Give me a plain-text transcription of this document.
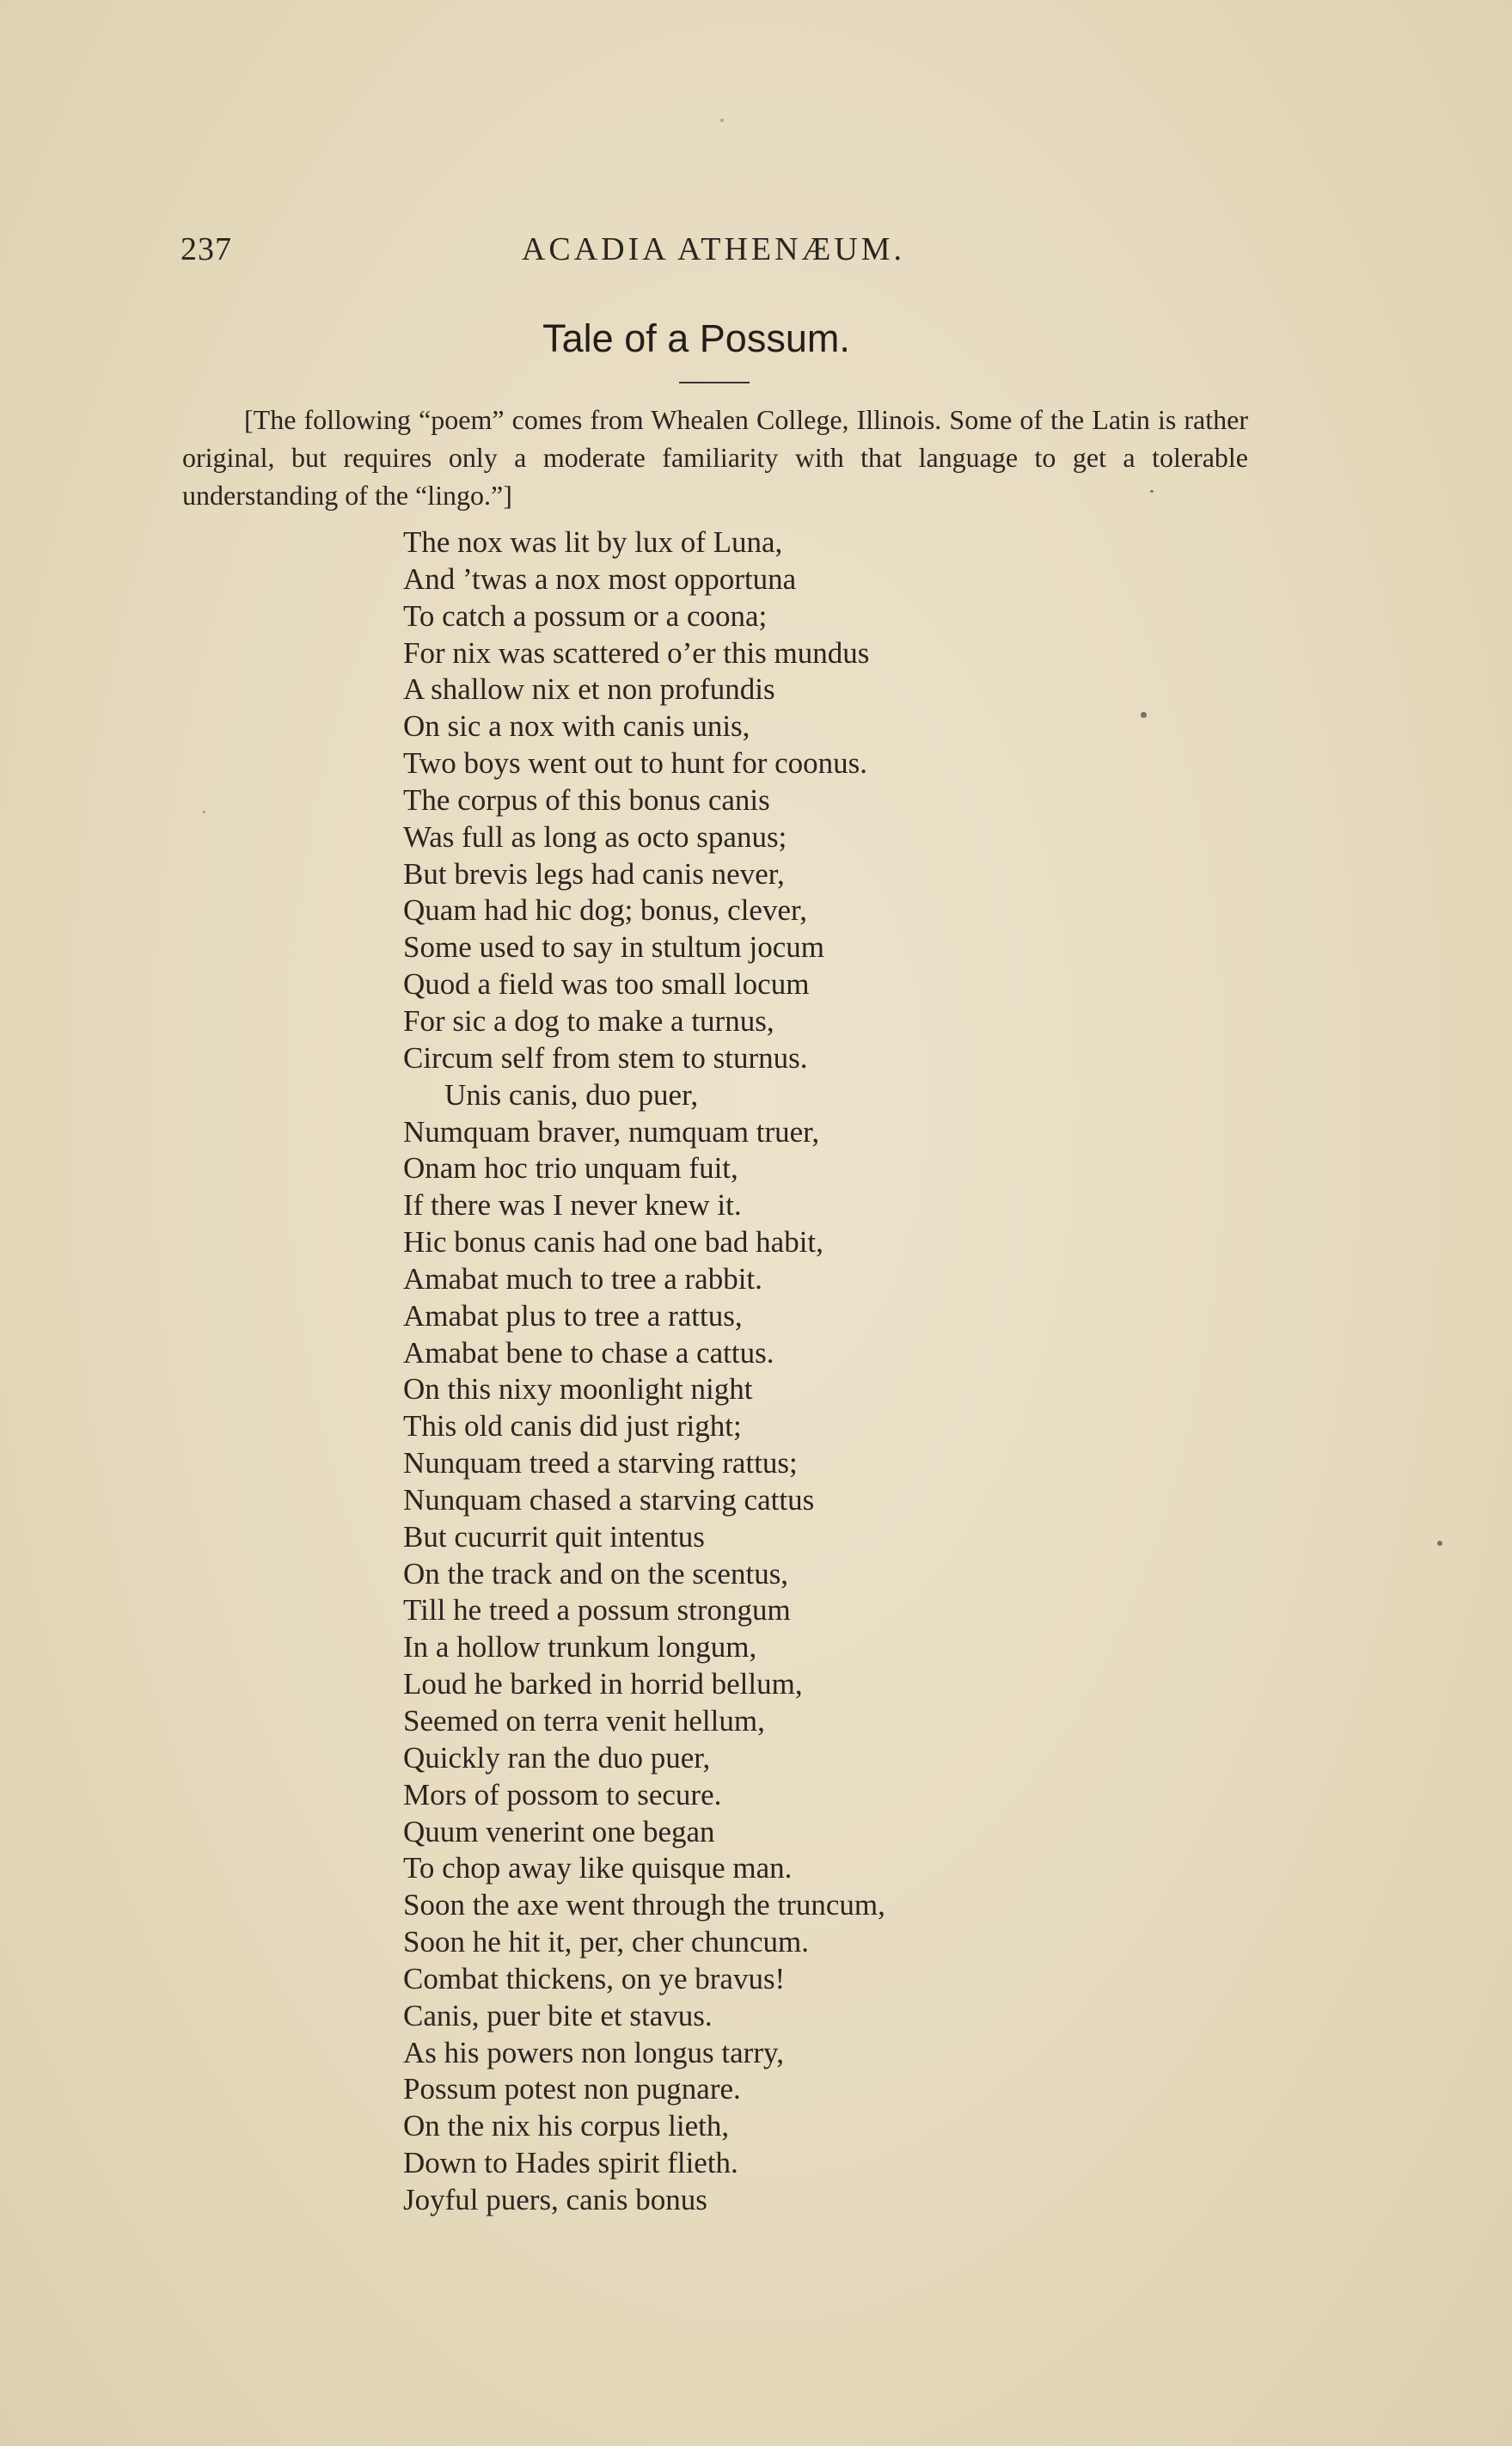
237	ACADIA ATHENÆUM.
Tale of a Possum.
[The following “poem” comes from Whealen College, Illinois. Some of the Latin is rather original, but requires only a moderate familiarity with that language to get a tolerable understanding of the “lingo.”]
The nox was lit by lux of Luna,
And ’twas a nox most opportuna
To catch a possum or a coona;
For nix was scattered o’er this mundus
A shallow nix et non profundis
On sic a nox with canis unis,
Two boys went out to hunt for coonus.
The corpus of this bonus canis
Was full as long as octo spanus;
But brevis legs had canis never,
Quam had hic dog; bonus, clever,
Some used to say in stultum jocum
Quod a field was too small locum
For sic a dog to make a turnus,
Circum self from stem to sturnus.
Unis canis, duo puer,
Numquam braver, numquam truer,
Onam hoc trio unquam fuit,
If there was I never knew it.
Hic bonus canis had one bad habit,
Amabat much to tree a rabbit.
Amabat plus to tree a rattus,
Amabat bene to chase a cattus.
On this nixy moonlight night
This old canis did just right;
Nunquam treed a starving rattus;
Nunquam chased a starving cattus
But cucurrit quit intentus
On the track and on the scentus,
Till he treed a possum strongum
In a hollow trunkum longum,
Loud he barked in horrid bellum,
Seemed on terra venit hellum,
Quickly ran the duo puer,
Mors of possom to secure.
Quum venerint one began
To chop away like quisque man.
Soon the axe went through the truncum,
Soon he hit it, per, cher chuncum.
Combat thickens, on ye bravus!
Canis, puer bite et stavus.
As his powers non longus tarry,
Possum potest non pugnare.
On the nix his corpus lieth,
Down to Hades spirit flieth.
Joyful puers, canis bonus
